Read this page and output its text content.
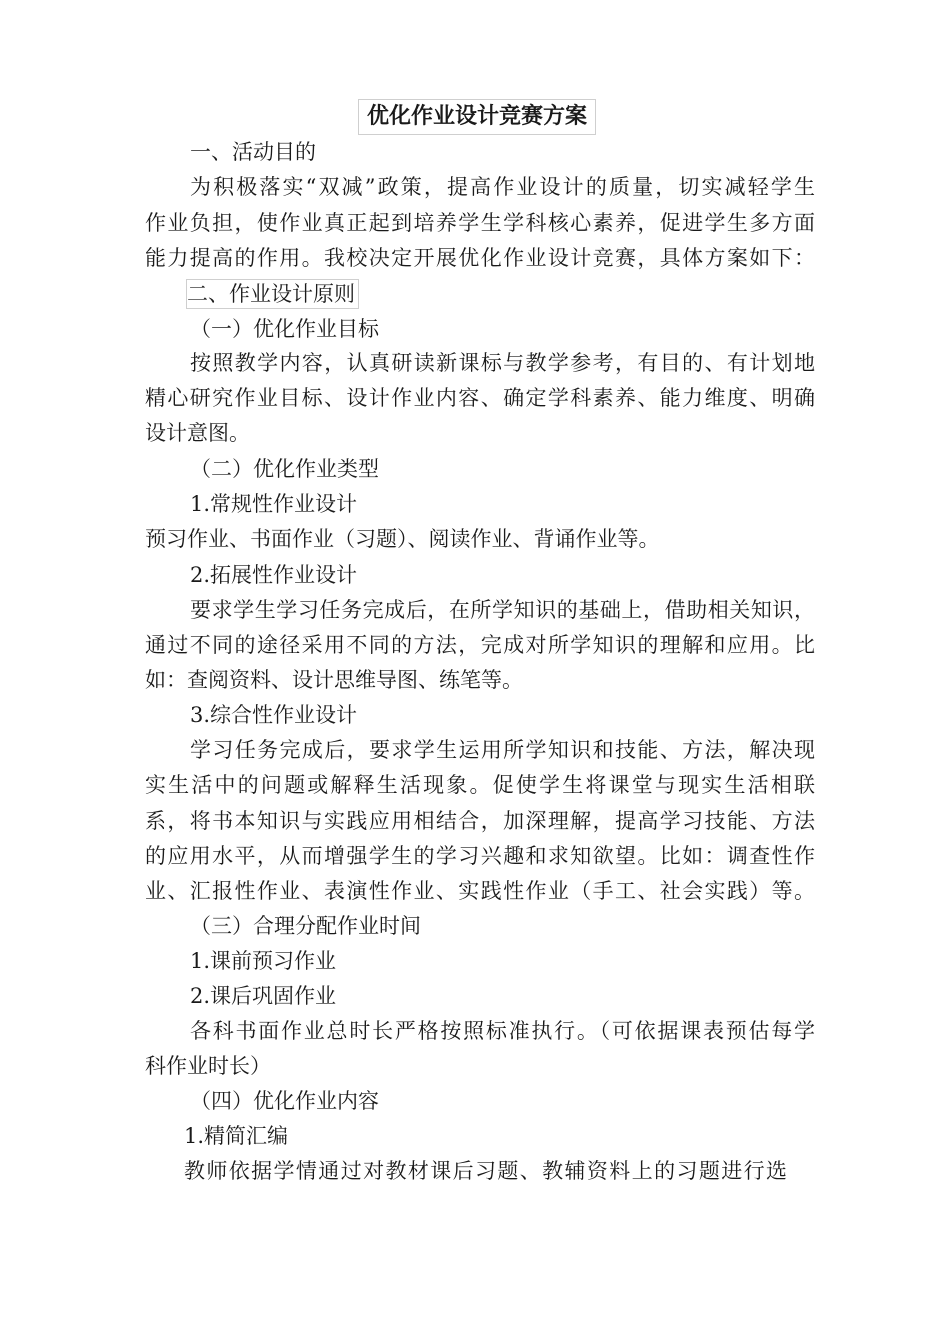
优化作业设计竞赛方案
一、活动目的
为积极落实“双减”政策，提高作业设计的质量，切实减轻学生
作业负担，使作业真正起到培养学生学科核心素养，促进学生多方面
能力提高的作用。我校决定开展优化作业设计竞赛，具体方案如下：
二、作业设计原则
（一）优化作业目标
按照教学内容，认真研读新课标与教学参考，有目的、有计划地
精心研究作业目标、设计作业内容、确定学科素养、能力维度、明确
设计意图。
（二）优化作业类型
1.常规性作业设计
预习作业、书面作业（习题）、阅读作业、背诵作业等。
2.拓展性作业设计
要求学生学习任务完成后，在所学知识的基础上，借助相关知识，
通过不同的途径采用不同的方法，完成对所学知识的理解和应用。比
如：查阅资料、设计思维导图、练笔等。
3.综合性作业设计
学习任务完成后，要求学生运用所学知识和技能、方法，解决现
实生活中的问题或解释生活现象。促使学生将课堂与现实生活相联
系，将书本知识与实践应用相结合，加深理解，提高学习技能、方法
的应用水平，从而增强学生的学习兴趣和求知欲望。比如：调查性作
业、汇报性作业、表演性作业、实践性作业（手工、社会实践）等。
（三）合理分配作业时间
1.课前预习作业
2.课后巩固作业
各科书面作业总时长严格按照标准执行。（可依据课表预估每学
科作业时长）
（四）优化作业内容
1.精简汇编
教师依据学情通过对教材课后习题、教辅资料上的习题进行选
